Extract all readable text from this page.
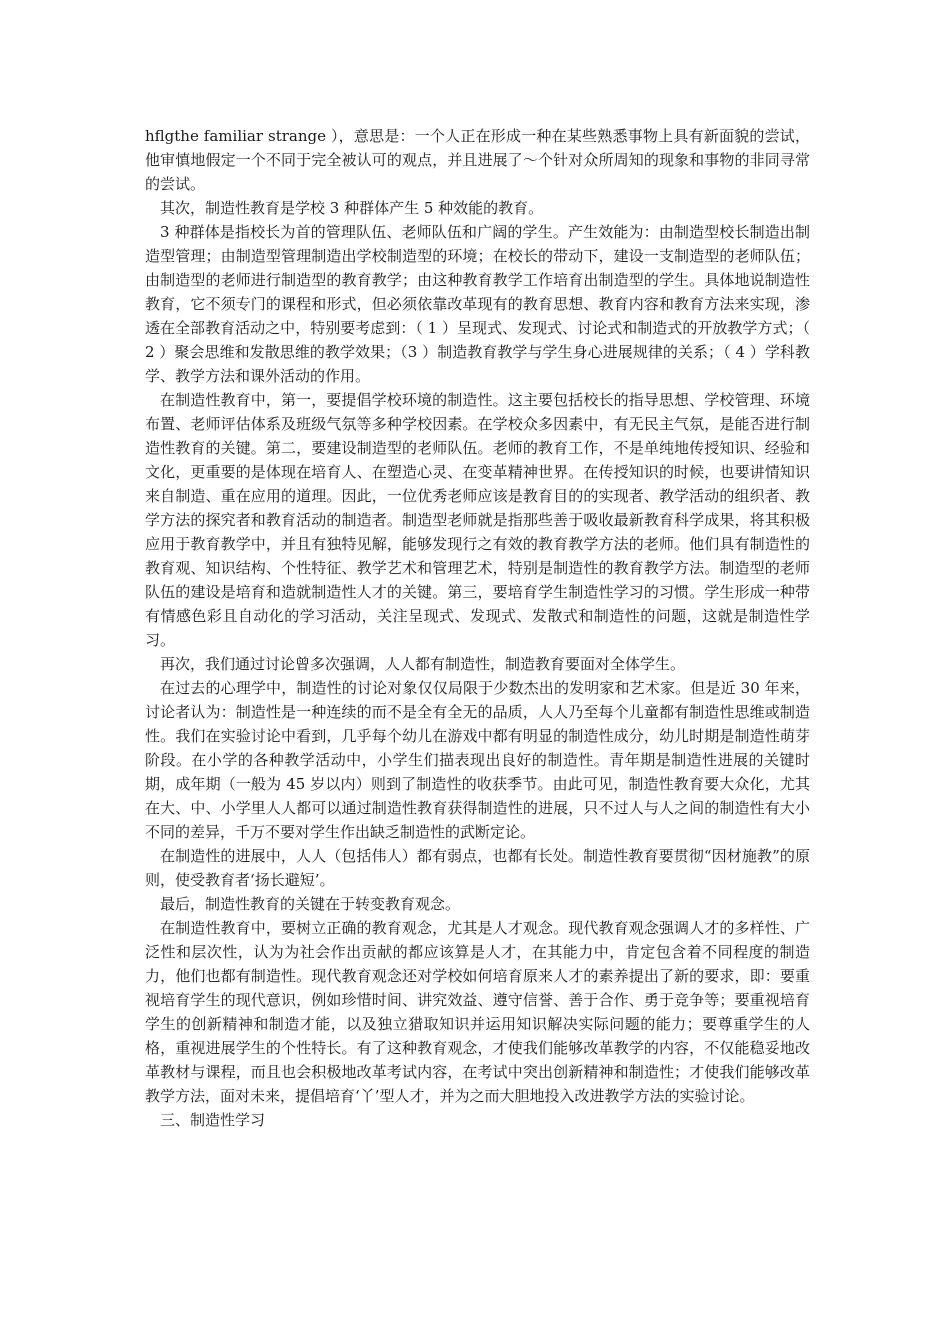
hflgthe familiar strange ），意思是：一个人正在形成一种在某些熟悉事物上具有新面貌的尝试，他审慎地假定一个不同于完全被认可的观点，并且进展了～个针对众所周知的现象和事物的非同寻常的尝试。

其次，制造性教育是学校 3 种群体产生 5 种效能的教育。

3 种群体是指校长为首的管理队伍、老师队伍和广阔的学生。产生效能为：由制造型校长制造出制造型管理；由制造型管理制造出学校制造型的环境；在校长的带动下，建设一支制造型的老师队伍；由制造型的老师进行制造型的教育教学；由这种教育教学工作培育出制造型的学生。具体地说制造性教育，它不须专门的课程和形式，但必须依靠改革现有的教育思想、教育内容和教育方法来实现，渗透在全部教育活动之中，特别要考虑到：（ 1 ）呈现式、发现式、讨论式和制造式的开放教学方式；（ 2 ）聚会思维和发散思维的教学效果；（3 ）制造教育教学与学生身心进展规律的关系；（ 4 ）学科教学、教学方法和课外活动的作用。

在制造性教育中，第一，要提倡学校环境的制造性。这主要包括校长的指导思想、学校管理、环境布置、老师评估体系及班级气氛等多种学校因素。在学校众多因素中，有无民主气氛，是能否进行制造性教育的关键。第二，要建设制造型的老师队伍。老师的教育工作，不是单纯地传授知识、经验和文化，更重要的是体现在培育人、在塑造心灵、在变革精神世界。在传授知识的时候，也要讲情知识来自制造、重在应用的道理。因此，一位优秀老师应该是教育目的的实现者、教学活动的组织者、教学方法的探究者和教育活动的制造者。制造型老师就是指那些善于吸收最新教育科学成果，将其积极应用于教育教学中，并且有独特见解，能够发现行之有效的教育教学方法的老师。他们具有制造性的教育观、知识结构、个性特征、教学艺术和管理艺术，特别是制造性的教育教学方法。制造型的老师队伍的建设是培育和造就制造性人才的关键。第三，要培育学生制造性学习的习惯。学生形成一种带有情感色彩且自动化的学习活动，关注呈现式、发现式、发散式和制造性的问题，这就是制造性学习。

再次，我们通过讨论曾多次强调，人人都有制造性，制造教育要面对全体学生。

在过去的心理学中，制造性的讨论对象仅仅局限于少数杰出的发明家和艺术家。但是近 30 年来，讨论者认为：制造性是一种连续的而不是全有全无的品质，人人乃至每个儿童都有制造性思维或制造性。我们在实验讨论中看到，几乎每个幼儿在游戏中都有明显的制造性成分，幼儿时期是制造性萌芽阶段。在小学的各种教学活动中，小学生们描表现出良好的制造性。青年期是制造性进展的关键时期，成年期（一般为 45 岁以内）则到了制造性的收获季节。由此可见，制造性教育要大众化，尤其在大、中、小学里人人都可以通过制造性教育获得制造性的进展，只不过人与人之间的制造性有大小不同的差异，千万不要对学生作出缺乏制造性的武断定论。

在制造性的进展中，人人（包括伟人）都有弱点，也都有长处。制造性教育要贯彻“因材施教”的原则，使受教育者‘扬长避短’。

最后，制造性教育的关键在于转变教育观念。

在制造性教育中，要树立正确的教育观念，尤其是人才观念。现代教育观念强调人才的多样性、广泛性和层次性，认为为社会作出贡献的都应该算是人才，在其能力中，肯定包含着不同程度的制造力，他们也都有制造性。现代教育观念还对学校如何培育原来人才的素养提出了新的要求，即：要重视培育学生的现代意识，例如珍惜时间、讲究效益、遵守信誉、善于合作、勇于竞争等；要重视培育学生的创新精神和制造才能，以及独立猎取知识并运用知识解决实际问题的能力；要尊重学生的人格，重视进展学生的个性特长。有了这种教育观念，才使我们能够改革教学的内容，不仅能稳妥地改革教材与课程，而且也会积极地改革考试内容，在考试中突出创新精神和制造性；才使我们能够改革教学方法，面对未来，提倡培育‘丫’型人才，并为之而大胆地投入改进教学方法的实验讨论。

三、制造性学习
